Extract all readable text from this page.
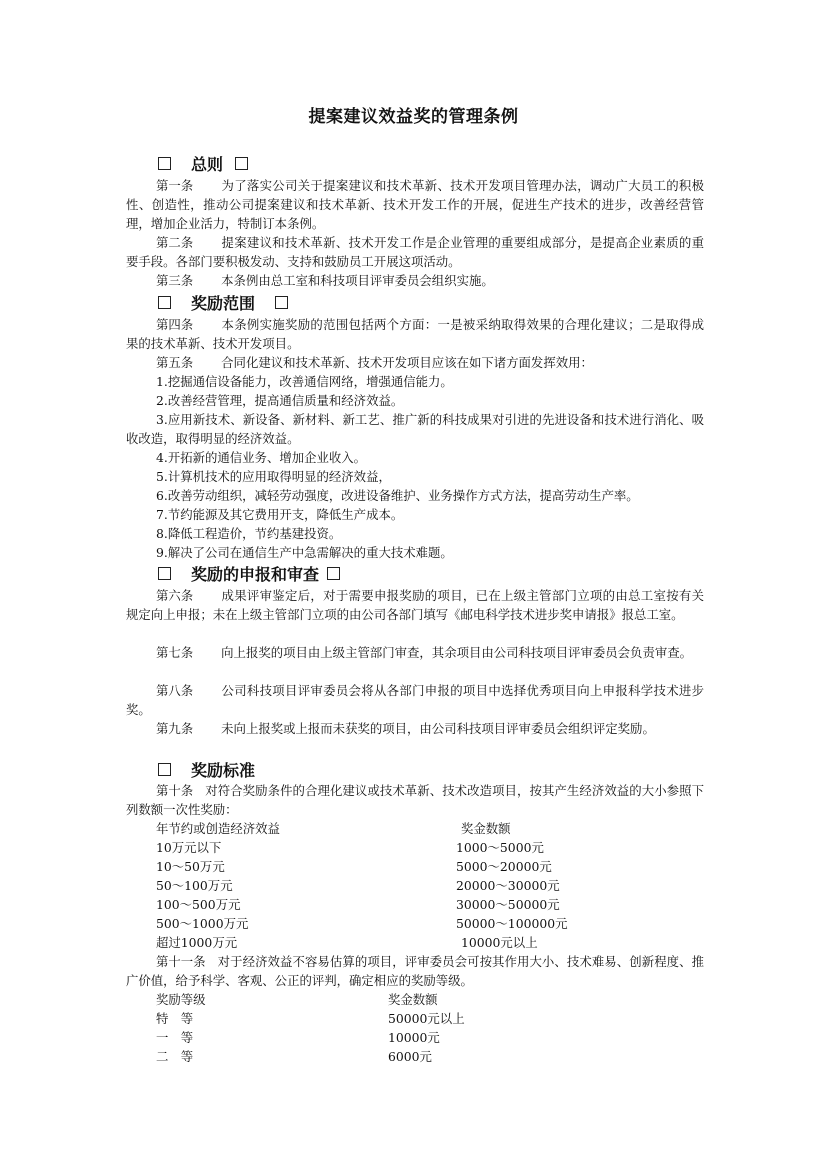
提案建议效益奖的管理条例
总则
第一条 为了落实公司关于提案建议和技术革新、技术开发项目管理办法，调动广大员工的积极性、创造性，推动公司提案建议和技术革新、技术开发工作的开展，促进生产技术的进步，改善经营管理，增加企业活力，特制订本条例。
第二条 提案建议和技术革新、技术开发工作是企业管理的重要组成部分，是提高企业素质的重要手段。各部门要积极发动、支持和鼓励员工开展这项活动。
第三条 本条例由总工室和科技项目评审委员会组织实施。
奖励范围
第四条 本条例实施奖励的范围包括两个方面：一是被采纳取得效果的合理化建议；二是取得成果的技术革新、技术开发项目。
第五条 合同化建议和技术革新、技术开发项目应该在如下诸方面发挥效用：
1.挖掘通信设备能力，改善通信网络，增强通信能力。
2.改善经营管理，提高通信质量和经济效益。
3.应用新技术、新设备、新材料、新工艺、推广新的科技成果对引进的先进设备和技术进行消化、吸收改造，取得明显的经济效益。
4.开拓新的通信业务、增加企业收入。
5.计算机技术的应用取得明显的经济效益，
6.改善劳动组织，减轻劳动强度，改进设备维护、业务操作方式方法，提高劳动生产率。
7.节约能源及其它费用开支，降低生产成本。
8.降低工程造价，节约基建投资。
9.解决了公司在通信生产中急需解决的重大技术难题。
奖励的申报和审查
第六条 成果评审鉴定后，对于需要申报奖励的项目，已在上级主管部门立项的由总工室按有关规定向上申报；未在上级主管部门立项的由公司各部门填写《邮电科学技术进步奖申请报》报总工室。
第七条 向上报奖的项目由上级主管部门审查，其余项目由公司科技项目评审委员会负责审查。
第八条 公司科技项目评审委员会将从各部门申报的项目中选择优秀项目向上申报科学技术进步奖。
第九条 未向上报奖或上报而未获奖的项目，由公司科技项目评审委员会组织评定奖励。
奖励标准
第十条 对符合奖励条件的合理化建议或技术革新、技术改造项目，按其产生经济效益的大小参照下列数额一次性奖励：
年节约或创造经济效益	奖金数额
10万元以下	1000～5000元
10～50万元	5000～20000元
50～100万元	20000～30000元
100～500万元	30000～50000元
500～1000万元	50000～100000元
超过1000万元	10000元以上
第十一条 对于经济效益不容易估算的项目，评审委员会可按其作用大小、技术难易、创新程度、推广价值，给予科学、客观、公正的评判，确定相应的奖励等级。
奖励等级	奖金数额
特　等	50000元以上
一　等	10000元
二　等	6000元
